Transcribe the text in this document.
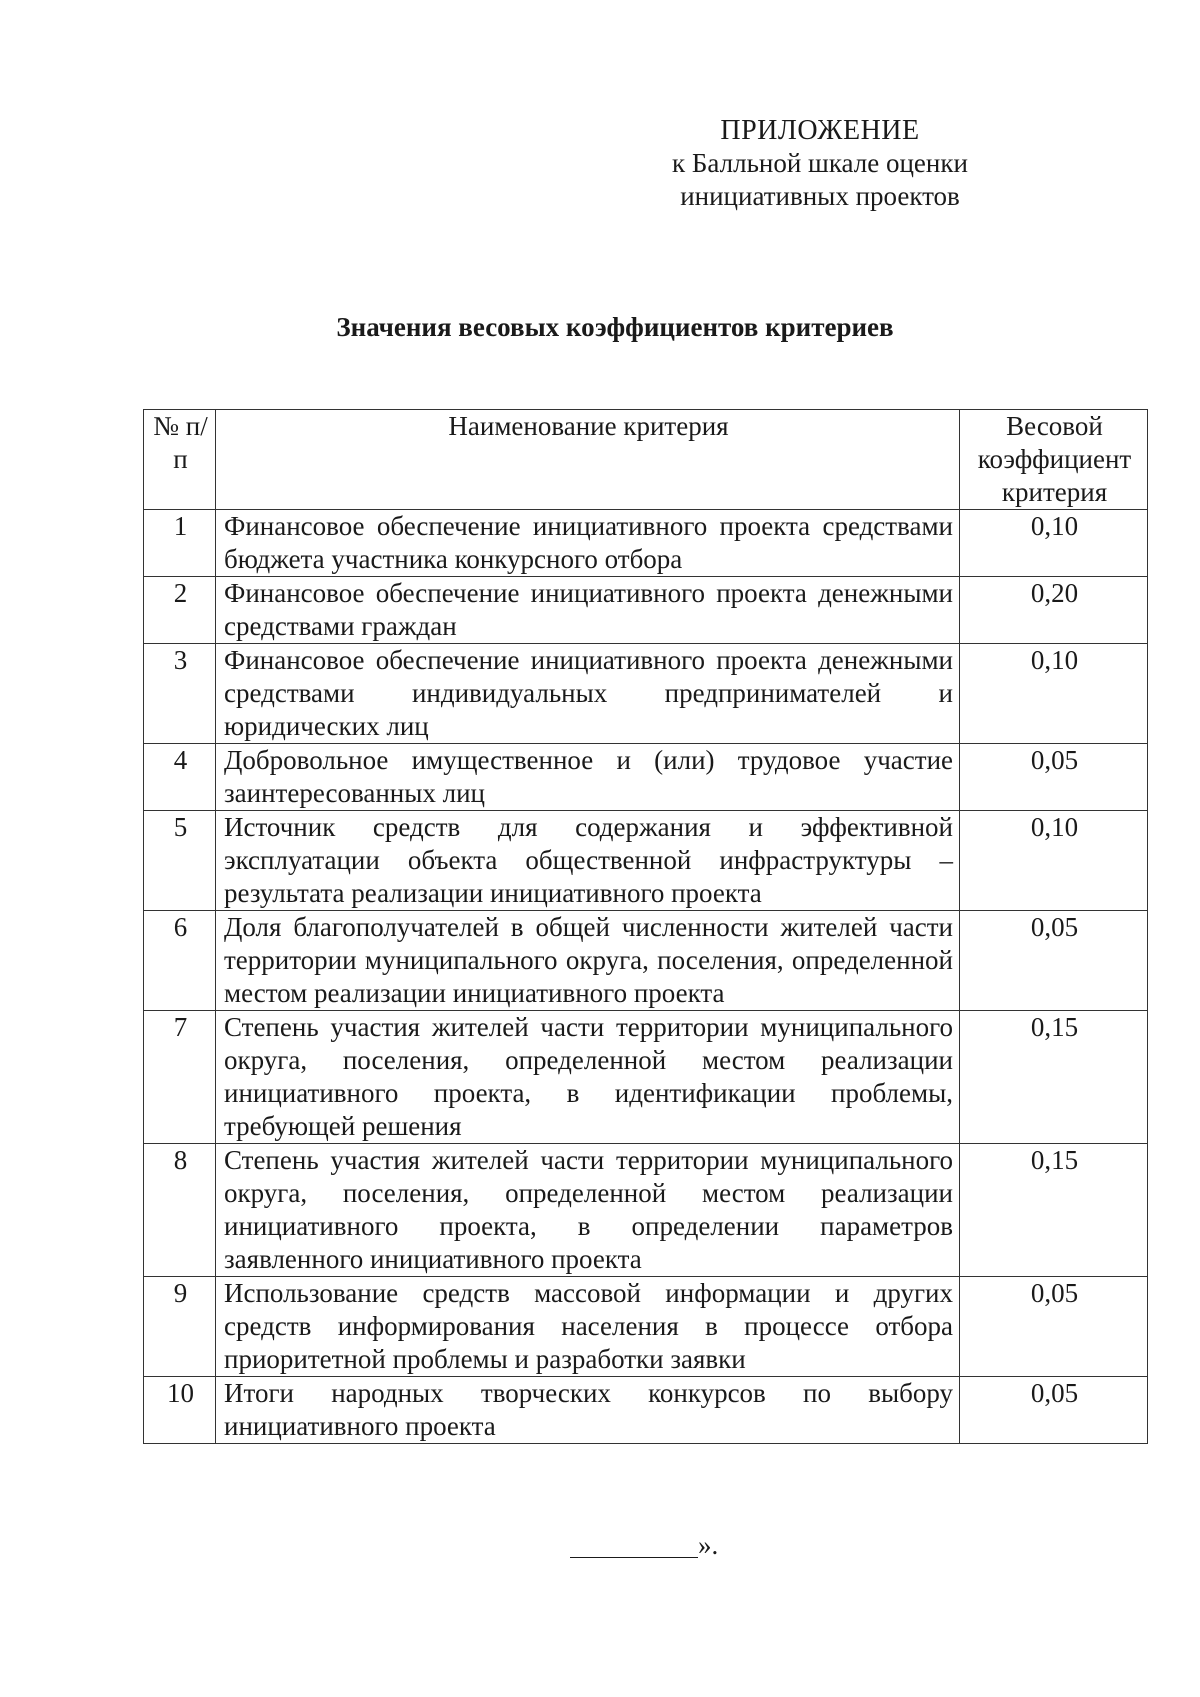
ПРИЛОЖЕНИЕ
к Балльной шкале оценки
инициативных проектов
Значения весовых коэффициентов критериев
№ п/п	Наименование критерия	Весовой коэффициент критерия
1	Финансовое обеспечение инициативного проекта средствами бюджета участника конкурсного отбора	0,10
2	Финансовое обеспечение инициативного проекта денежными средствами граждан	0,20
3	Финансовое обеспечение инициативного проекта денежными средствами индивидуальных предпринимателей и юридических лиц	0,10
4	Добровольное имущественное и (или) трудовое участие заинтересованных лиц	0,05
5	Источник средств для содержания и эффективной эксплуатации объекта общественной инфраструктуры – результата реализации инициативного проекта	0,10
6	Доля благополучателей в общей численности жителей части территории муниципального округа, поселения, определенной местом реализации инициативного проекта	0,05
7	Степень участия жителей части территории муниципального округа, поселения, определенной местом реализации инициативного проекта, в идентификации проблемы, требующей решения	0,15
8	Степень участия жителей части территории муниципального округа, поселения, определенной местом реализации инициативного проекта, в определении параметров заявленного инициативного проекта	0,15
9	Использование средств массовой информации и других средств информирования населения в процессе отбора приоритетной проблемы и разработки заявки	0,05
10	Итоги народных творческих конкурсов по выбору инициативного проекта	0,05
».
